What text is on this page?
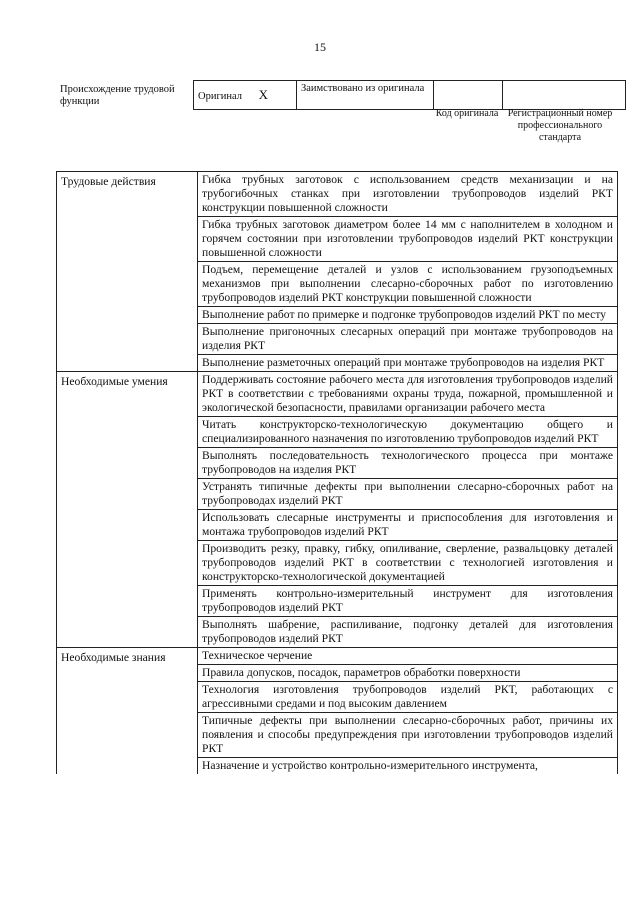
15
Происхождение трудовой функции	Оригинал X	Заимствовано из оригинала		
Код оригинала Регистрационный номер профессионального стандарта
Трудовые действия	Гибка трубных заготовок с использованием средств механизации и на трубогибочных станках при изготовлении трубопроводов изделий РКТ конструкции повышенной сложности
	Гибка трубных заготовок диаметром более 14 мм с наполнителем в холодном и горячем состоянии при изготовлении трубопроводов изделий РКТ конструкции повышенной сложности
	Подъем, перемещение деталей и узлов с использованием грузоподъемных механизмов при выполнении слесарно-сборочных работ по изготовлению трубопроводов изделий РКТ конструкции повышенной сложности
	Выполнение работ по примерке и подгонке трубопроводов изделий РКТ по месту
	Выполнение пригоночных слесарных операций при монтаже трубопроводов на изделия РКТ
	Выполнение разметочных операций при монтаже трубопроводов на изделия РКТ
Необходимые умения	Поддерживать состояние рабочего места для изготовления трубопроводов изделий РКТ в соответствии с требованиями охраны труда, пожарной, промышленной и экологической безопасности, правилами организации рабочего места
	Читать конструкторско-технологическую документацию общего и специализированного назначения по изготовлению трубопроводов изделий РКТ
	Выполнять последовательность технологического процесса при монтаже трубопроводов на изделия РКТ
	Устранять типичные дефекты при выполнении слесарно-сборочных работ на трубопроводах изделий РКТ
	Использовать слесарные инструменты и приспособления для изготовления и монтажа трубопроводов изделий РКТ
	Производить резку, правку, гибку, опиливание, сверление, развальцовку деталей трубопроводов изделий РКТ в соответствии с технологией изготовления и конструкторско-технологической документацией
	Применять контрольно-измерительный инструмент для изготовления трубопроводов изделий РКТ
	Выполнять шабрение, распиливание, подгонку деталей для изготовления трубопроводов изделий РКТ
Необходимые знания	Техническое черчение
	Правила допусков, посадок, параметров обработки поверхности
	Технология изготовления трубопроводов изделий РКТ, работающих с агрессивными средами и под высоким давлением
	Типичные дефекты при выполнении слесарно-сборочных работ, причины их появления и способы предупреждения при изготовлении трубопроводов изделий РКТ
	Назначение и устройство контрольно-измерительного инструмента,
